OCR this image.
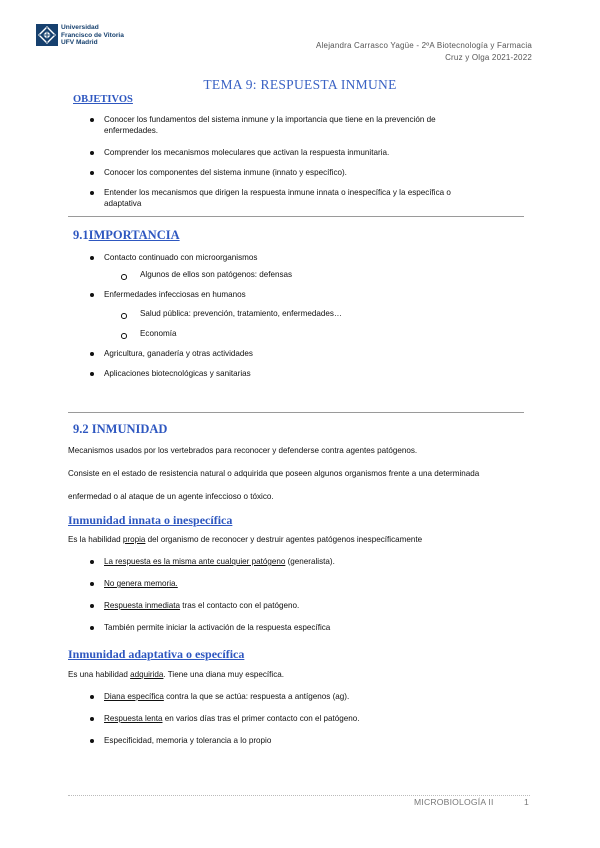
Universidad
Francisco de Vitoria
UFV Madrid	Alejandra Carrasco Yagüe - 2ºA Biotecnología y Farmacia
Cruz y Olga 2021-2022
TEMA 9: RESPUESTA INMUNE
OBJETIVOS
Conocer los fundamentos del sistema inmune y la importancia que tiene en la prevención de
enfermedades.
Comprender los mecanismos moleculares que activan la respuesta inmunitaria.
Conocer los componentes del sistema inmune (innato y específico).
Entender los mecanismos que dirigen la respuesta inmune innata o inespecífica y la específica o
adaptativa
9.1IMPORTANCIA
Contacto continuado con microorganismos
Algunos de ellos son patógenos: defensas
Enfermedades infecciosas en humanos
Salud pública: prevención, tratamiento, enfermedades…
Economía
Agricultura, ganadería y otras actividades
Aplicaciones biotecnológicas y sanitarias
9.2 INMUNIDAD
Mecanismos usados por los vertebrados para reconocer y defenderse contra agentes patógenos.
Consiste en el estado de resistencia natural o adquirida que poseen algunos organismos frente a una determinada
enfermedad o al ataque de un agente infeccioso o tóxico.
Inmunidad innata o inespecífica
Es la habilidad propia del organismo de reconocer y destruir agentes patógenos inespecíficamente
La respuesta es la misma ante cualquier patógeno (generalista).
No genera memoria.
Respuesta inmediata tras el contacto con el patógeno.
También permite iniciar la activación de la respuesta específica
Inmunidad adaptativa o específica
Es una habilidad adquirida. Tiene una diana muy específica.
Diana específica contra la que se actúa: respuesta a antígenos (ag).
Respuesta lenta en varios días tras el primer contacto con el patógeno.
Especificidad, memoria y tolerancia a lo propio
MICROBIOLOGÍA II	1
